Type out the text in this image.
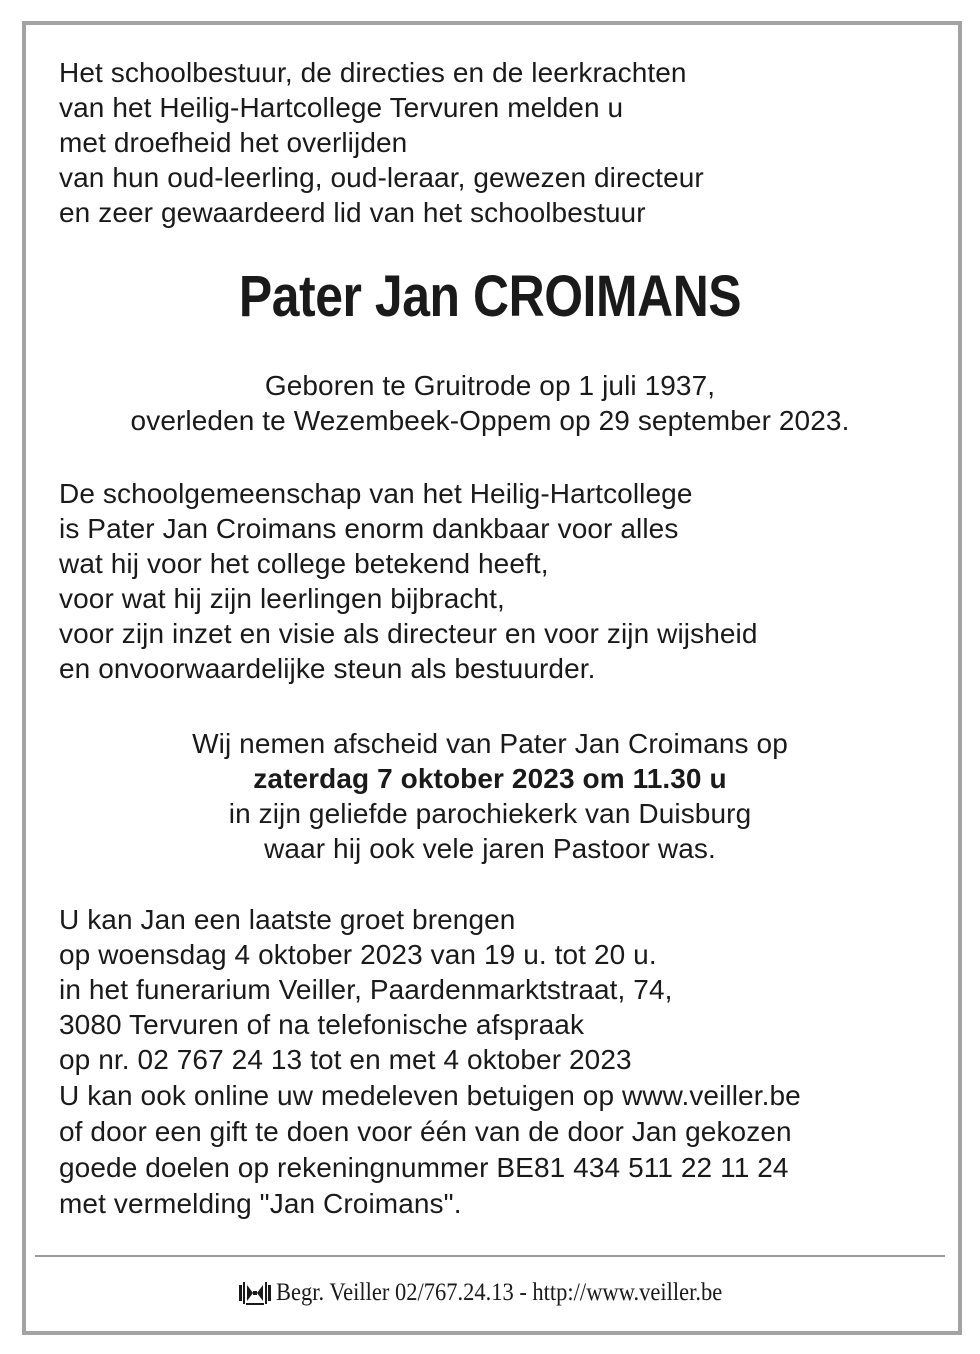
Het schoolbestuur, de directies en de leerkrachten
van het Heilig-Hartcollege Tervuren melden u
met droefheid het overlijden
van hun oud-leerling, oud-leraar, gewezen directeur
en zeer gewaardeerd lid van het schoolbestuur
Pater Jan CROIMANS
Geboren te Gruitrode op 1 juli 1937,
overleden te Wezembeek-Oppem op 29 september 2023.
De schoolgemeenschap van het Heilig-Hartcollege
is Pater Jan Croimans enorm dankbaar voor alles
wat hij voor het college betekend heeft,
voor wat hij zijn leerlingen bijbracht,
voor zijn inzet en visie als directeur en voor zijn wijsheid
en onvoorwaardelijke steun als bestuurder.
Wij nemen afscheid van Pater Jan Croimans op
zaterdag 7 oktober 2023 om 11.30 u
in zijn geliefde parochiekerk van Duisburg
waar hij ook vele jaren Pastoor was.
U kan Jan een laatste groet brengen
op woensdag 4 oktober 2023 van 19 u. tot 20 u.
in het funerarium Veiller, Paardenmarktstraat, 74,
3080 Tervuren of na telefonische afspraak
op nr. 02 767 24 13 tot en met 4 oktober 2023
U kan ook online uw medeleven betuigen op www.veiller.be
of door een gift te doen voor één van de door Jan gekozen
goede doelen op rekeningnummer BE81 434 511 22 11 24
met vermelding "Jan Croimans".
Begr. Veiller 02/767.24.13 - http://www.veiller.be
